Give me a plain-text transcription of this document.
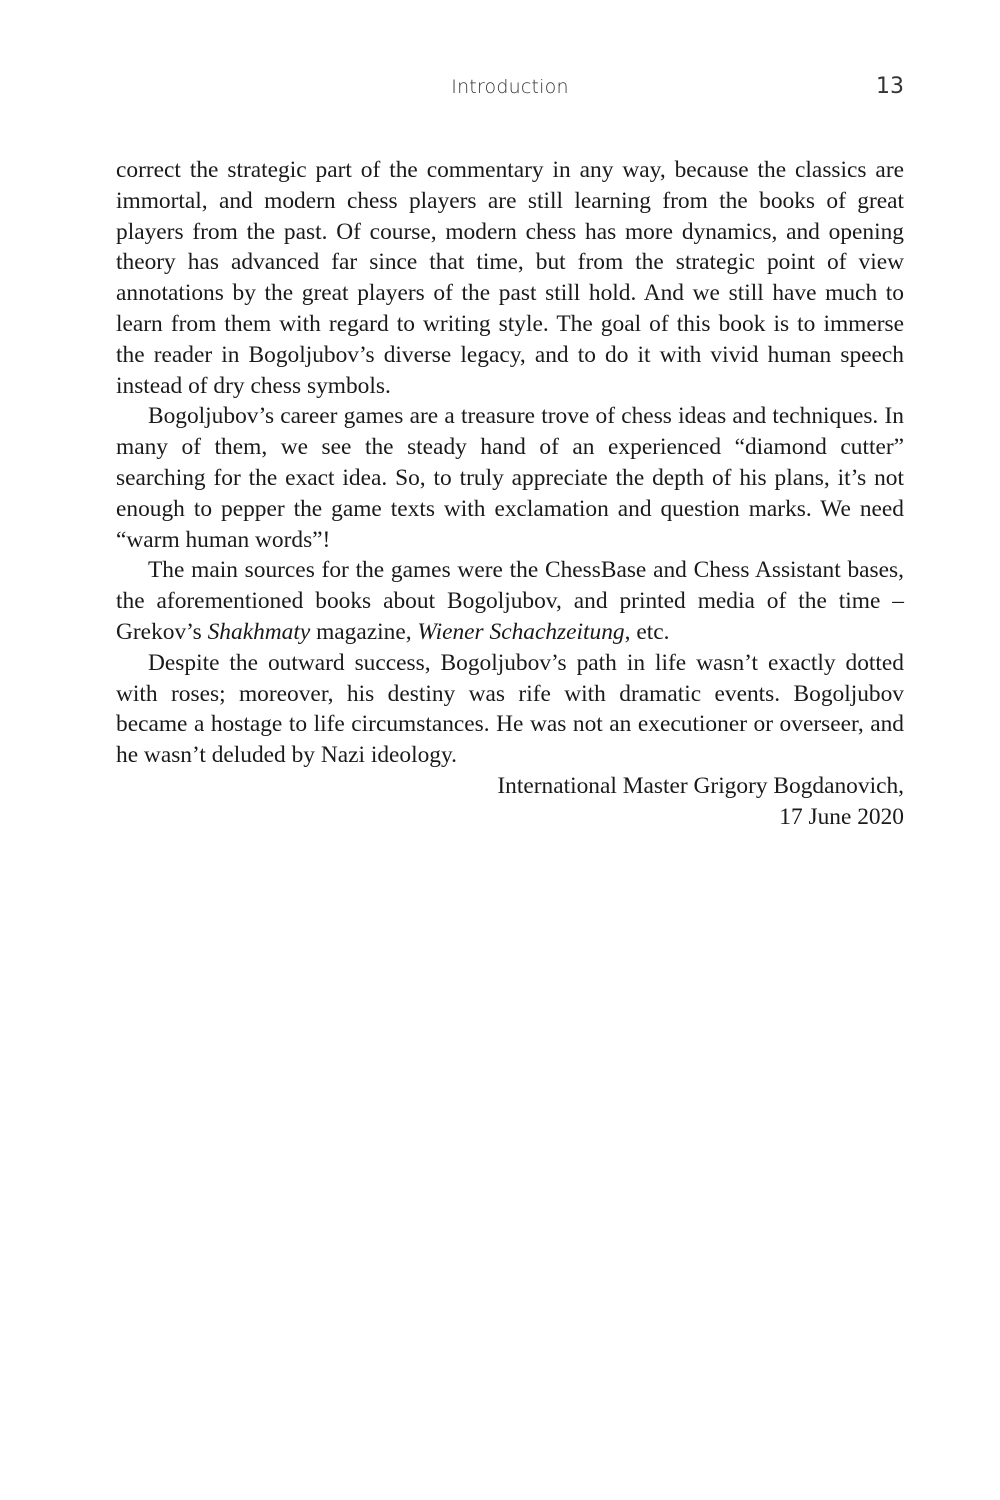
Introduction	13

correct the strategic part of the commentary in any way, because the classics are immortal, and modern chess players are still learning from the books of great players from the past. Of course, modern chess has more dynamics, and opening theory has advanced far since that time, but from the strategic point of view annotations by the great players of the past still hold. And we still have much to learn from them with regard to writing style. The goal of this book is to immerse the reader in Bogoljubov’s diverse legacy, and to do it with vivid human speech instead of dry chess symbols.

Bogoljubov’s career games are a treasure trove of chess ideas and techniques. In many of them, we see the steady hand of an experienced “diamond cutter” searching for the exact idea. So, to truly appreciate the depth of his plans, it’s not enough to pepper the game texts with exclamation and question marks. We need “warm human words”!

The main sources for the games were the ChessBase and Chess Assistant bases, the aforementioned books about Bogoljubov, and printed media of the time – Grekov’s Shakhmaty magazine, Wiener Schachzeitung, etc.

Despite the outward success, Bogoljubov’s path in life wasn’t exactly dotted with roses; moreover, his destiny was rife with dramatic events. Bogoljubov became a hostage to life circumstances. He was not an executioner or overseer, and he wasn’t deluded by Nazi ideology.

International Master Grigory Bogdanovich,

17 June 2020
